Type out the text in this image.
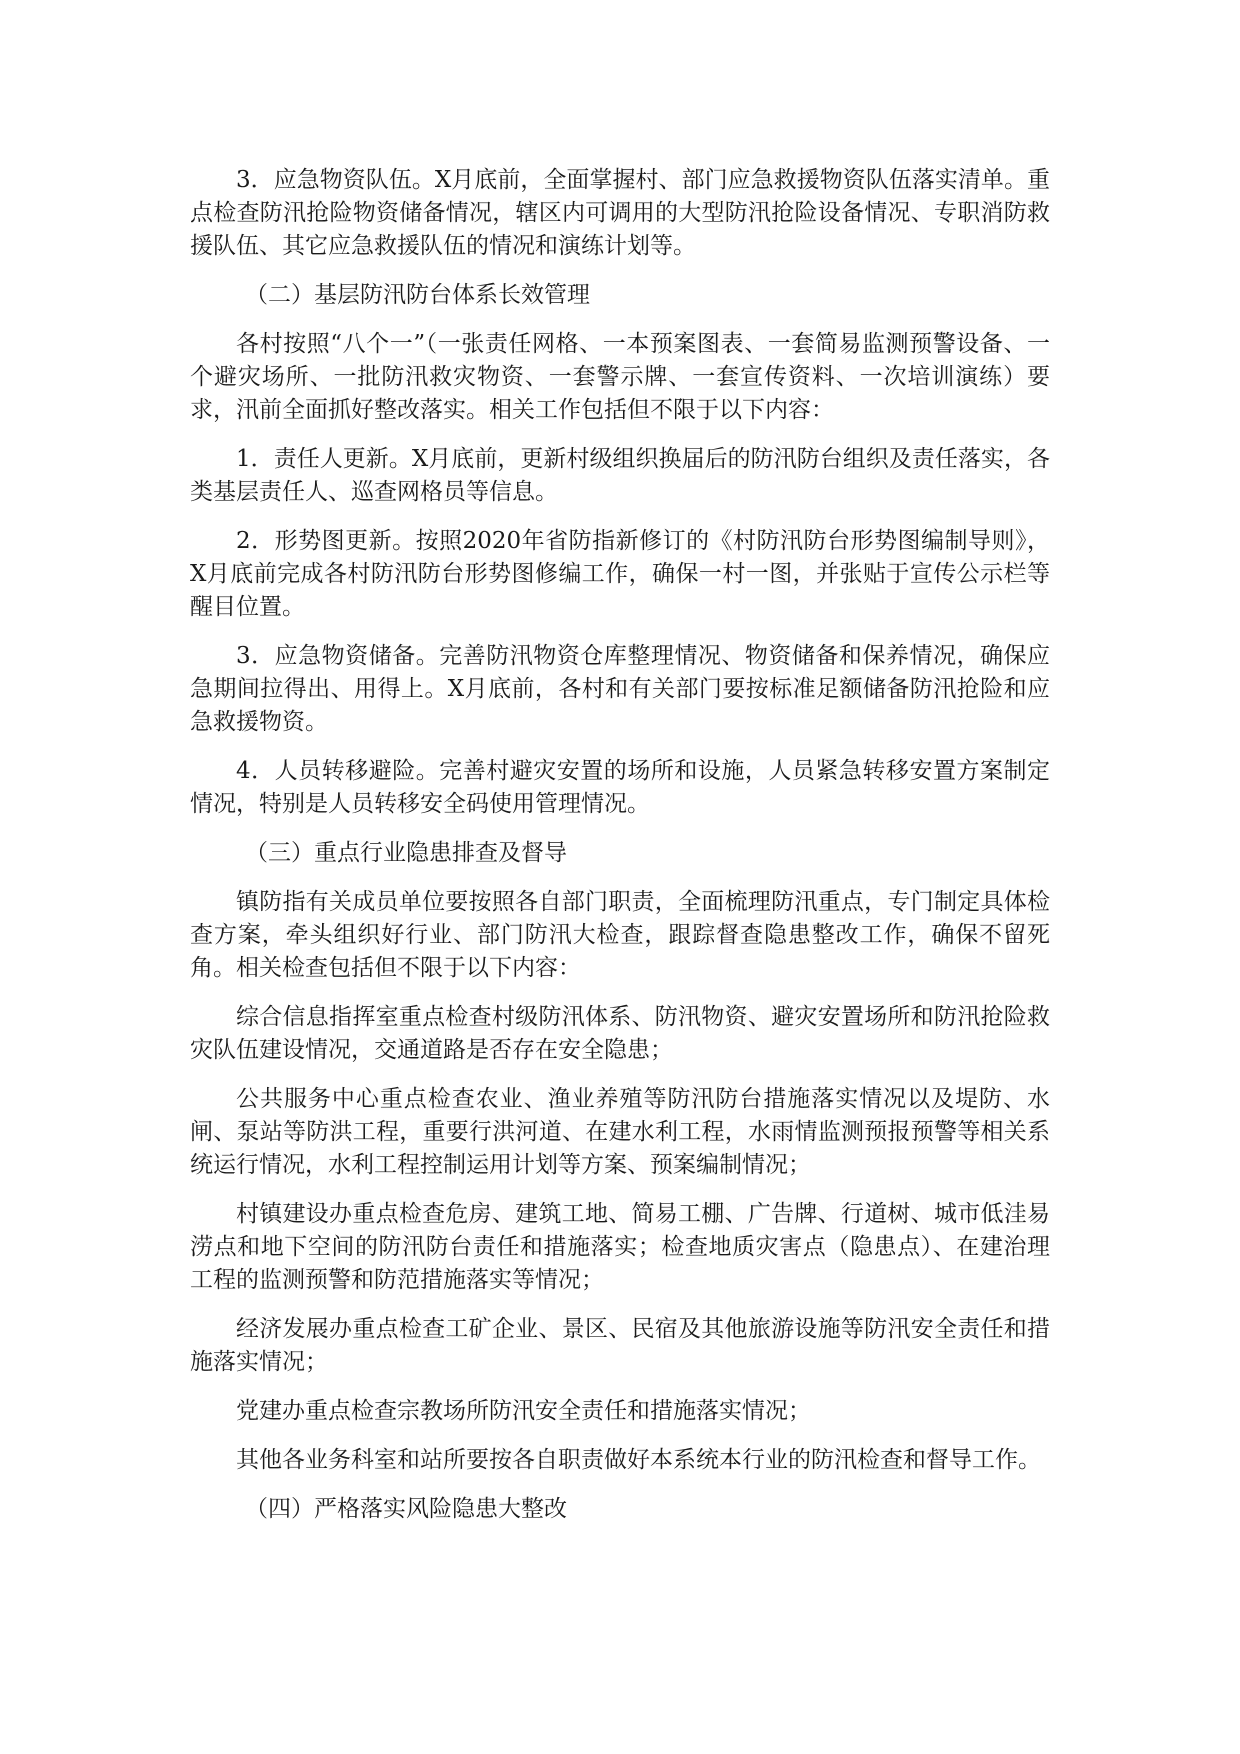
3．应急物资队伍。X月底前，全面掌握村、部门应急救援物资队伍落实清单。重点检查防汛抢险物资储备情况，辖区内可调用的大型防汛抢险设备情况、专职消防救援队伍、其它应急救援队伍的情况和演练计划等。

（二）基层防汛防台体系长效管理

各村按照“八个一”（一张责任网格、一本预案图表、一套简易监测预警设备、一个避灾场所、一批防汛救灾物资、一套警示牌、一套宣传资料、一次培训演练）要求，汛前全面抓好整改落实。相关工作包括但不限于以下内容：

1．责任人更新。X月底前，更新村级组织换届后的防汛防台组织及责任落实，各类基层责任人、巡查网格员等信息。

2．形势图更新。按照2020年省防指新修订的《村防汛防台形势图编制导则》，X月底前完成各村防汛防台形势图修编工作，确保一村一图，并张贴于宣传公示栏等醒目位置。

3．应急物资储备。完善防汛物资仓库整理情况、物资储备和保养情况，确保应急期间拉得出、用得上。X月底前，各村和有关部门要按标准足额储备防汛抢险和应急救援物资。

4．人员转移避险。完善村避灾安置的场所和设施，人员紧急转移安置方案制定情况，特别是人员转移安全码使用管理情况。

（三）重点行业隐患排查及督导

镇防指有关成员单位要按照各自部门职责，全面梳理防汛重点，专门制定具体检查方案，牵头组织好行业、部门防汛大检查，跟踪督查隐患整改工作，确保不留死角。相关检查包括但不限于以下内容：

综合信息指挥室重点检查村级防汛体系、防汛物资、避灾安置场所和防汛抢险救灾队伍建设情况，交通道路是否存在安全隐患；

公共服务中心重点检查农业、渔业养殖等防汛防台措施落实情况以及堤防、水闸、泵站等防洪工程，重要行洪河道、在建水利工程，水雨情监测预报预警等相关系统运行情况，水利工程控制运用计划等方案、预案编制情况；

村镇建设办重点检查危房、建筑工地、简易工棚、广告牌、行道树、城市低洼易涝点和地下空间的防汛防台责任和措施落实；检查地质灾害点（隐患点）、在建治理工程的监测预警和防范措施落实等情况；

经济发展办重点检查工矿企业、景区、民宿及其他旅游设施等防汛安全责任和措施落实情况；

党建办重点检查宗教场所防汛安全责任和措施落实情况；

其他各业务科室和站所要按各自职责做好本系统本行业的防汛检查和督导工作。

（四）严格落实风险隐患大整改
